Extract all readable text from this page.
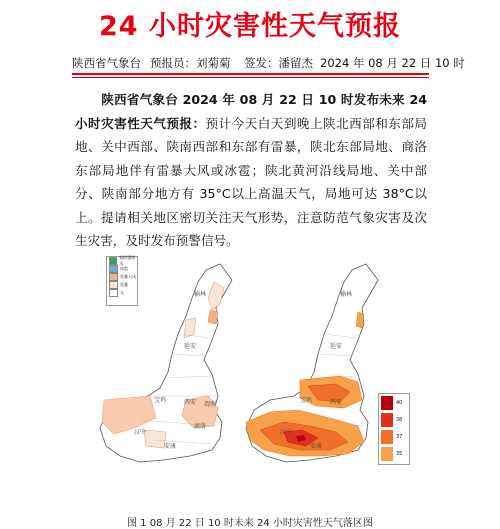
24 小时灾害性天气预报
陕西省气象台 预报员：刘菊菊 签发：潘留杰 2024 年 08 月 22 日 10 时
陕西省气象台 2024 年 08 月 22 日 10 时发布未来 24 小时灾害性天气预报：预计今天白天到晚上陕北西部和东部局地、关中西部、陕南西部和东部有雷暴，陕北东部局地、商洛东部局地伴有雷暴大风或冰雹；陕北黄河沿线局地、关中部分、陕南部分地方有 35°C以上高温天气，局地可达 38°C以上。提请相关地区密切关注天气形势，注意防范气象灾害及次生灾害，及时发布预警信号。
榆林
延安
宝鸡	西安 渭南
汉中
安康
商洛
榆林
延安
宝鸡	西安
汉中
安康
短时强降水
冰雹
雷暴大风
雷暴
无
40
38
37
35
图 1 08 月 22 日 10 时未来 24 小时灾害性天气落区图
